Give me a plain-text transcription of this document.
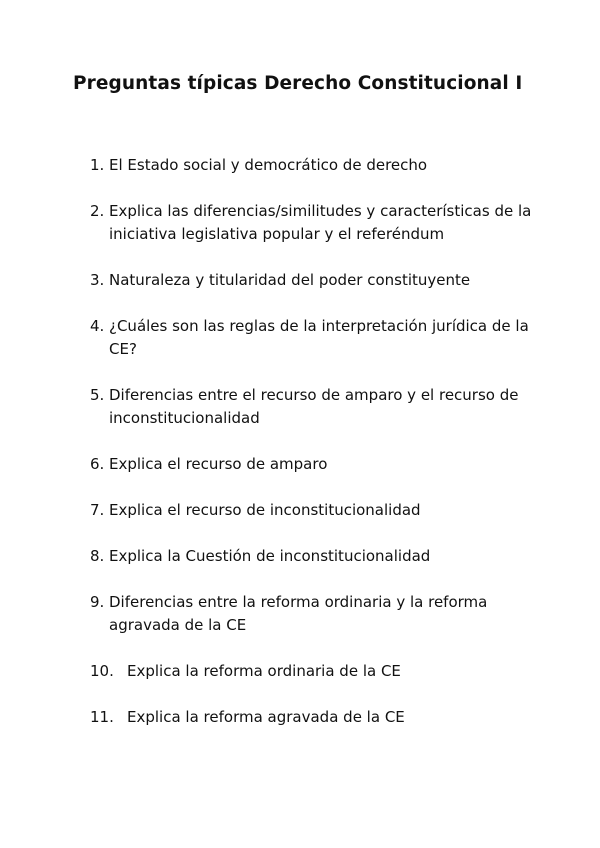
Preguntas típicas Derecho Constitucional I
1. El Estado social y democrático de derecho
2. Explica las diferencias/similitudes y características de la iniciativa legislativa popular y el referéndum
3. Naturaleza y titularidad del poder constituyente
4. ¿Cuáles son las reglas de la interpretación jurídica de la CE?
5. Diferencias entre el recurso de amparo y el recurso de inconstitucionalidad
6. Explica el recurso de amparo
7. Explica el recurso de inconstitucionalidad
8. Explica la Cuestión de inconstitucionalidad
9. Diferencias entre la reforma ordinaria y la reforma agravada de la CE
10. Explica la reforma ordinaria de la CE
11. Explica la reforma agravada de la CE
